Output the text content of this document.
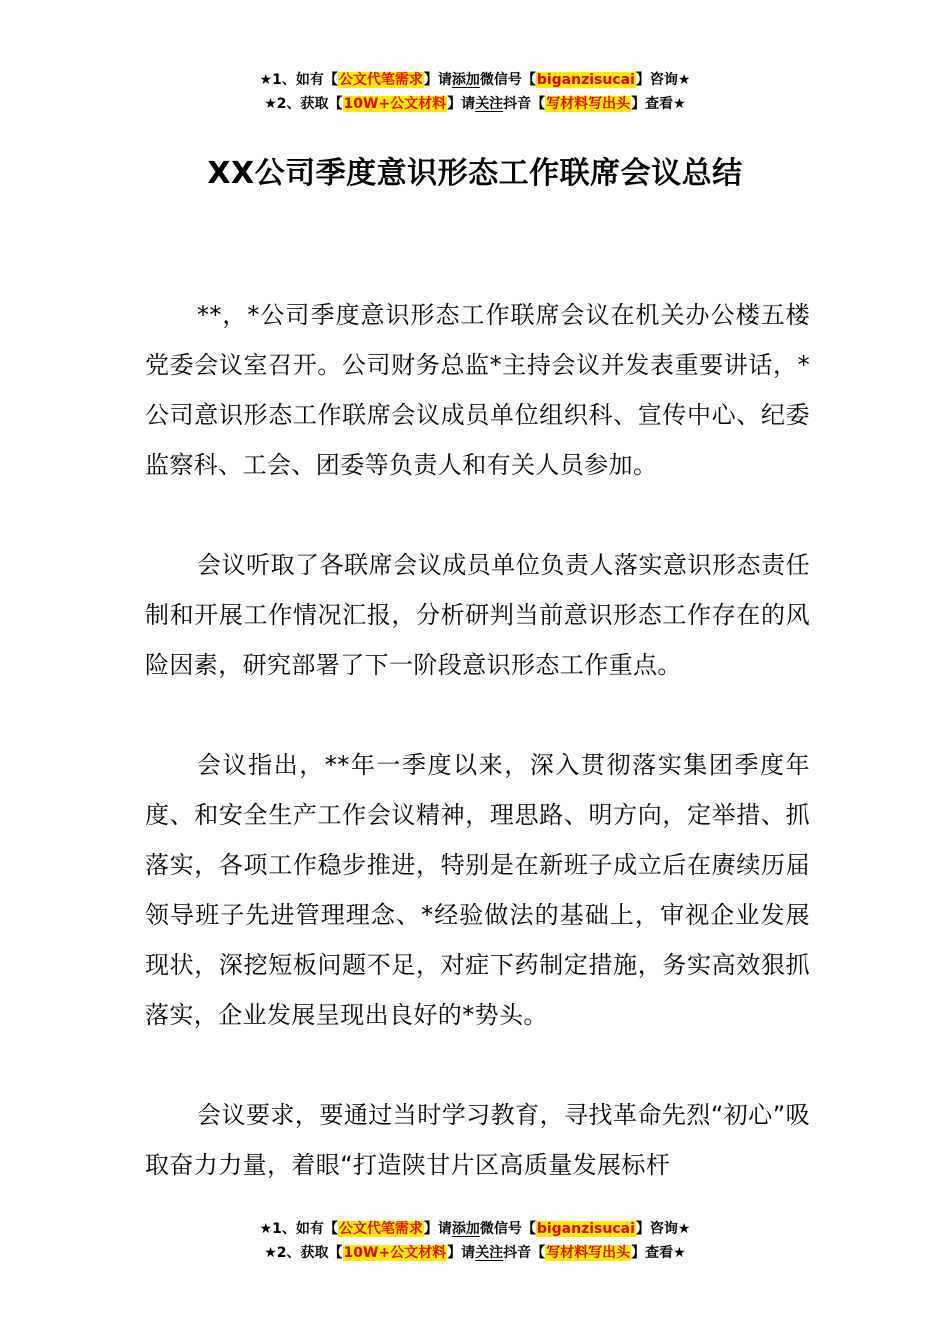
★1、如有【公文代笔需求】请添加微信号【biganzisucai】咨询★
★2、获取【10W+公文材料】请关注抖音【写材料写出头】查看★
XX公司季度意识形态工作联席会议总结

**，*公司季度意识形态工作联席会议在机关办公楼五楼党委会议室召开。公司财务总监*主持会议并发表重要讲话，*公司意识形态工作联席会议成员单位组织科、宣传中心、纪委监察科、工会、团委等负责人和有关人员参加。

会议听取了各联席会议成员单位负责人落实意识形态责任制和开展工作情况汇报，分析研判当前意识形态工作存在的风险因素，研究部署了下一阶段意识形态工作重点。

会议指出，**年一季度以来，深入贯彻落实集团季度年度、和安全生产工作会议精神，理思路、明方向，定举措、抓落实，各项工作稳步推进，特别是在新班子成立后在赓续历届领导班子先进管理理念、*经验做法的基础上，审视企业发展现状，深挖短板问题不足，对症下药制定措施，务实高效狠抓落实，企业发展呈现出良好的*势头。

会议要求，要通过当时学习教育，寻找革命先烈“初心”吸取奋力力量，着眼“打造陕甘片区高质量发展标杆

★1、如有【公文代笔需求】请添加微信号【biganzisucai】咨询★
★2、获取【10W+公文材料】请关注抖音【写材料写出头】查看★
